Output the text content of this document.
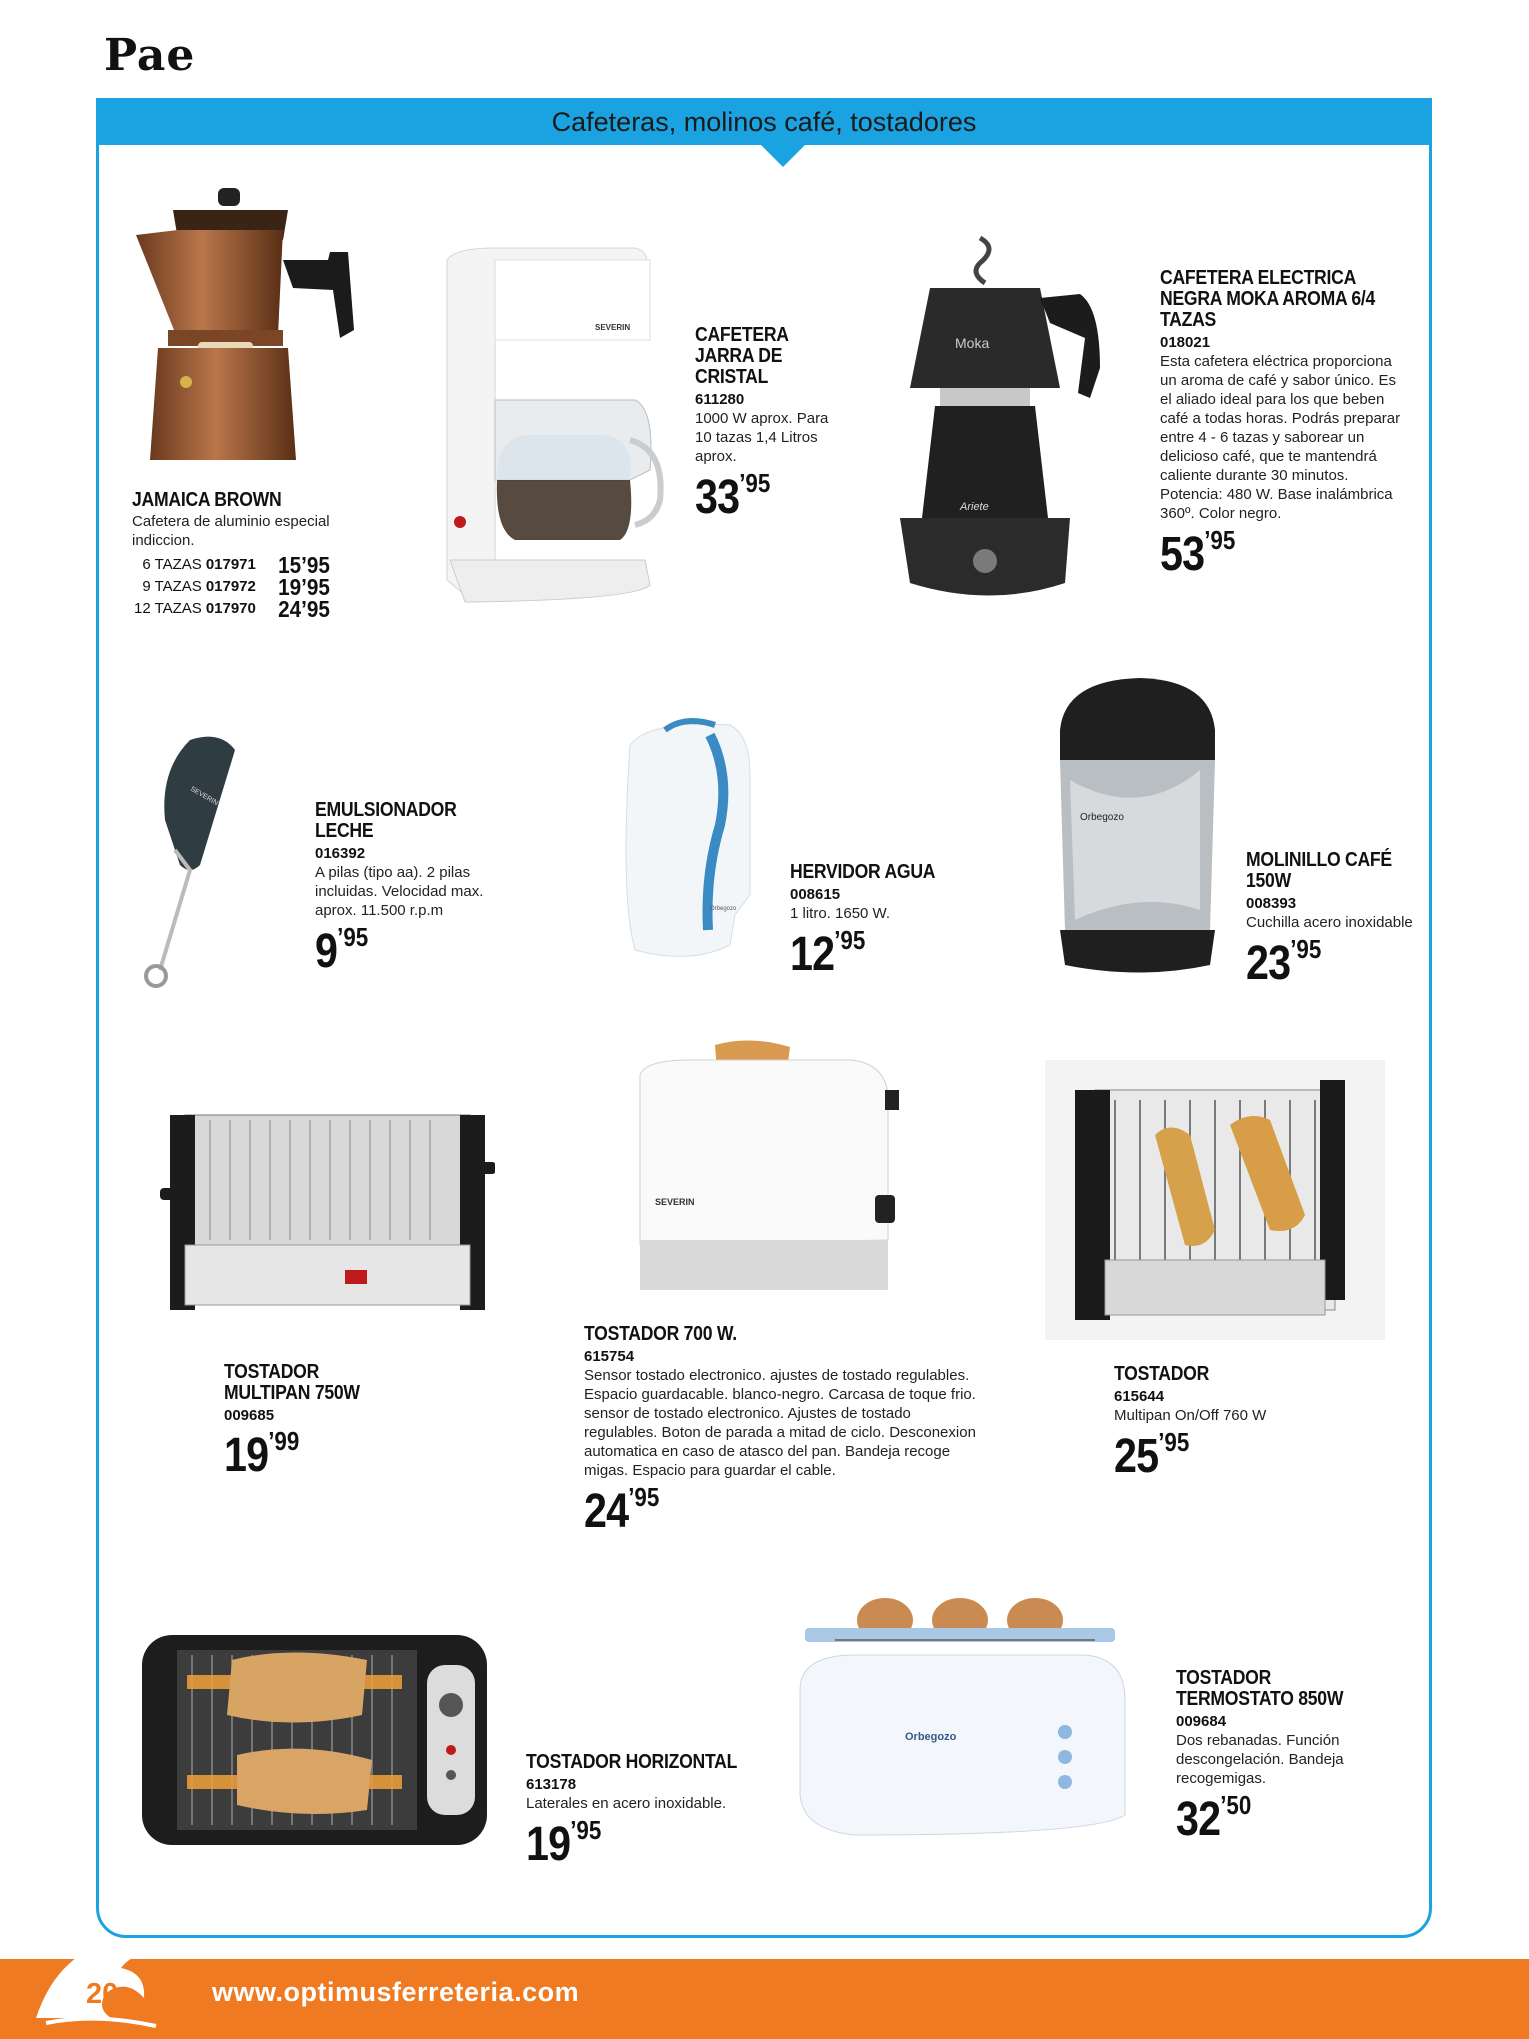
Pae
Cafeteras, molinos café, tostadores
SEVERIN
Moka
Ariete
SEVERIN
Orbegozo
Orbegozo
SEVERIN
Orbegozo
JAMAICA BROWN
Cafetera de aluminio especial indiccion.
6 TAZAS	017971	15’95
9 TAZAS	017972	19’95
12 TAZAS	017970	24’95
CAFETERA JARRA DE CRISTAL
611280
1000 W aprox. Para 10 tazas 1,4 Litros aprox.
33’95
CAFETERA ELECTRICA NEGRA MOKA AROMA 6/4 TAZAS
018021
Esta cafetera eléctrica proporciona un aroma de café y sabor único. Es el aliado ideal para los que beben café a todas horas. Podrás preparar entre 4 - 6 tazas y saborear un delicioso café, que te mantendrá caliente durante 30 minutos. Potencia: 480 W. Base inalámbrica 360º. Color negro.
53’95
EMULSIONADOR LECHE
016392
A pilas (tipo aa). 2 pilas incluidas. Velocidad max. aprox. 11.500 r.p.m
9’95
HERVIDOR AGUA
008615
1 litro. 1650 W.
12’95
MOLINILLO CAFÉ 150W
008393
Cuchilla acero inoxidable
23’95
TOSTADOR MULTIPAN 750W
009685
19’99
TOSTADOR 700 W.
615754
Sensor tostado electronico. ajustes de tostado regulables. Espacio guardacable. blanco-negro. Carcasa de toque frio. sensor de tostado electronico. Ajustes de tostado regulables. Boton de parada a mitad de ciclo. Desconexion automatica en caso de atasco del pan. Bandeja recoge migas. Espacio para guardar el cable.
24’95
TOSTADOR
615644
Multipan On/Off 760 W
25’95
TOSTADOR HORIZONTAL
613178
Laterales en acero inoxidable.
19’95
TOSTADOR TERMOSTATO 850W
009684
Dos rebanadas. Función descongelación. Bandeja recogemigas.
32’50
20	www.optimusferreteria.com
